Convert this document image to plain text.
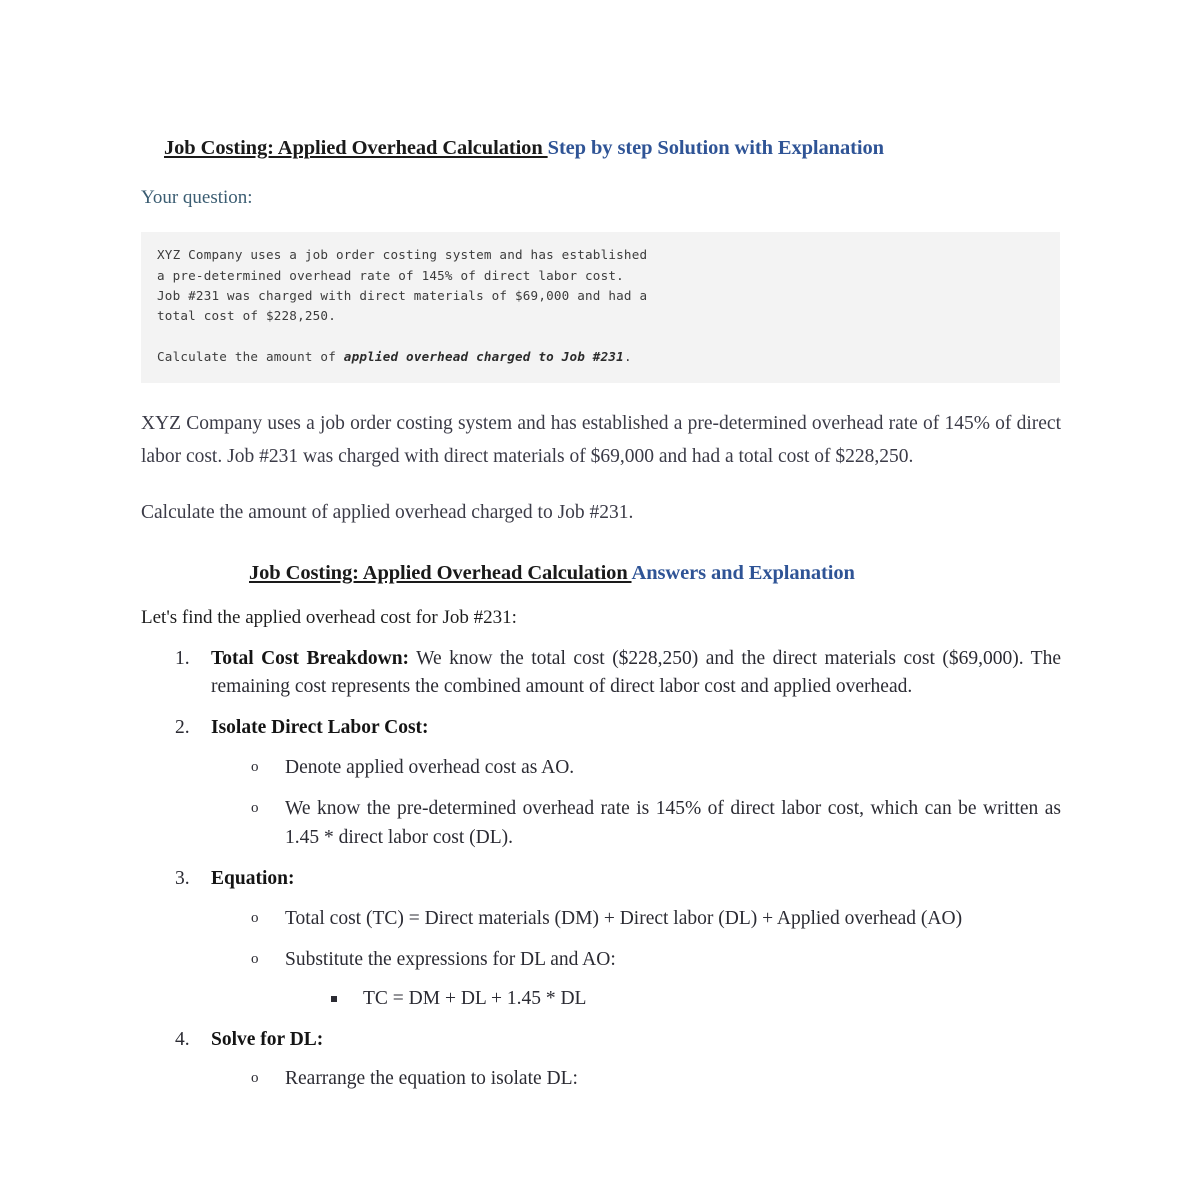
Job Costing: Applied Overhead Calculation Step by step Solution with Explanation

Your question:

XYZ Company uses a job order costing system and has established
a pre-determined overhead rate of 145% of direct labor cost.
Job #231 was charged with direct materials of $69,000 and had a
total cost of $228,250.

Calculate the amount of applied overhead charged to Job #231.

XYZ Company uses a job order costing system and has established a pre-determined overhead rate of 145% of direct labor cost. Job #231 was charged with direct materials of $69,000 and had a total cost of $228,250.

Calculate the amount of applied overhead charged to Job #231.

Job Costing: Applied Overhead Calculation Answers and Explanation

Let's find the applied overhead cost for Job #231:

1.	Total Cost Breakdown: We know the total cost ($228,250) and the direct materials cost ($69,000). The remaining cost represents the combined amount of direct labor cost and applied overhead.
2.	Isolate Direct Labor Cost:
o Denote applied overhead cost as AO.
o We know the pre-determined overhead rate is 145% of direct labor cost, which can be written as 1.45 * direct labor cost (DL).
3.	Equation:
o Total cost (TC) = Direct materials (DM) + Direct labor (DL) + Applied overhead (AO)
o Substitute the expressions for DL and AO:
TC = DM + DL + 1.45 * DL
4.	Solve for DL:
o Rearrange the equation to isolate DL:
